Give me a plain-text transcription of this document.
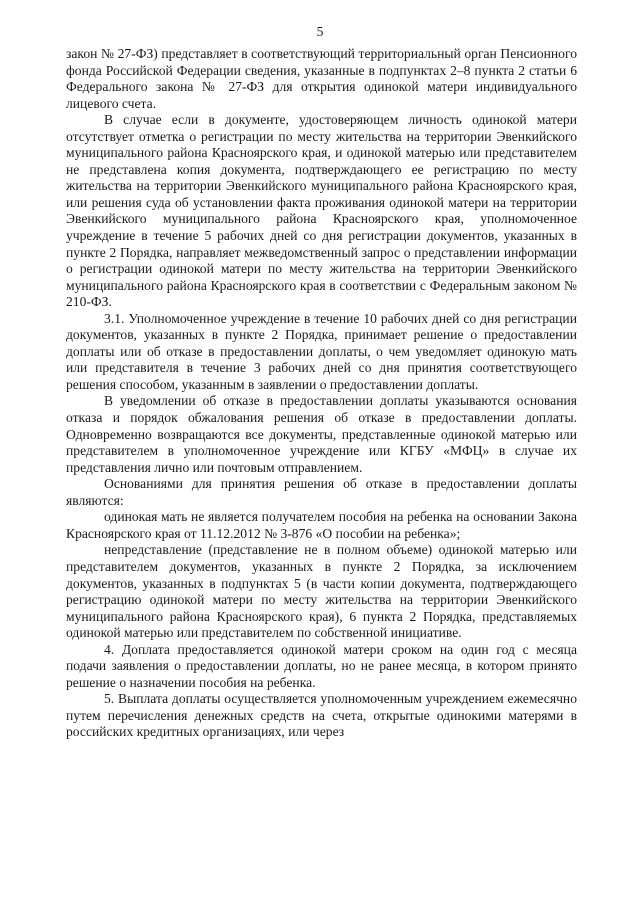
5

закон № 27-ФЗ) представляет в соответствующий территориальный орган Пенсионного фонда Российской Федерации сведения, указанные в подпунктах 2–8 пункта 2 статьи 6 Федерального закона № 27-ФЗ для открытия одинокой матери индивидуального лицевого счета.

В случае если в документе, удостоверяющем личность одинокой матери отсутствует отметка о регистрации по месту жительства на территории Эвенкийского муниципального района Красноярского края, и одинокой матерью или представителем не представлена копия документа, подтверждающего ее регистрацию по месту жительства на территории Эвенкийского муниципального района Красноярского края, или решения суда об установлении факта проживания одинокой матери на территории Эвенкийского муниципального района Красноярского края, уполномоченное учреждение в течение 5 рабочих дней со дня регистрации документов, указанных в пункте 2 Порядка, направляет межведомственный запрос о представлении информации о регистрации одинокой матери по месту жительства на территории Эвенкийского муниципального района Красноярского края в соответствии с Федеральным законом № 210-ФЗ.

3.1. Уполномоченное учреждение в течение 10 рабочих дней со дня регистрации документов, указанных в пункте 2 Порядка, принимает решение о предоставлении доплаты или об отказе в предоставлении доплаты, о чем уведомляет одинокую мать или представителя в течение 3 рабочих дней со дня принятия соответствующего решения способом, указанным в заявлении о предоставлении доплаты.

В уведомлении об отказе в предоставлении доплаты указываются основания отказа и порядок обжалования решения об отказе в предоставлении доплаты. Одновременно возвращаются все документы, представленные одинокой матерью или представителем в уполномоченное учреждение или КГБУ «МФЦ» в случае их представления лично или почтовым отправлением.

Основаниями для принятия решения об отказе в предоставлении доплаты являются:

одинокая мать не является получателем пособия на ребенка на основании Закона Красноярского края от 11.12.2012 № 3-876 «О пособии на ребенка»;

непредставление (представление не в полном объеме) одинокой матерью или представителем документов, указанных в пункте 2 Порядка, за исключением документов, указанных в подпунктах 5 (в части копии документа, подтверждающего регистрацию одинокой матери по месту жительства на территории Эвенкийского муниципального района Красноярского края), 6 пункта 2 Порядка, представляемых одинокой матерью или представителем по собственной инициативе.

4. Доплата предоставляется одинокой матери сроком на один год с месяца подачи заявления о предоставлении доплаты, но не ранее месяца, в котором принято решение о назначении пособия на ребенка.

5. Выплата доплаты осуществляется уполномоченным учреждением ежемесячно путем перечисления денежных средств на счета, открытые одинокими матерями в российских кредитных организациях, или через
